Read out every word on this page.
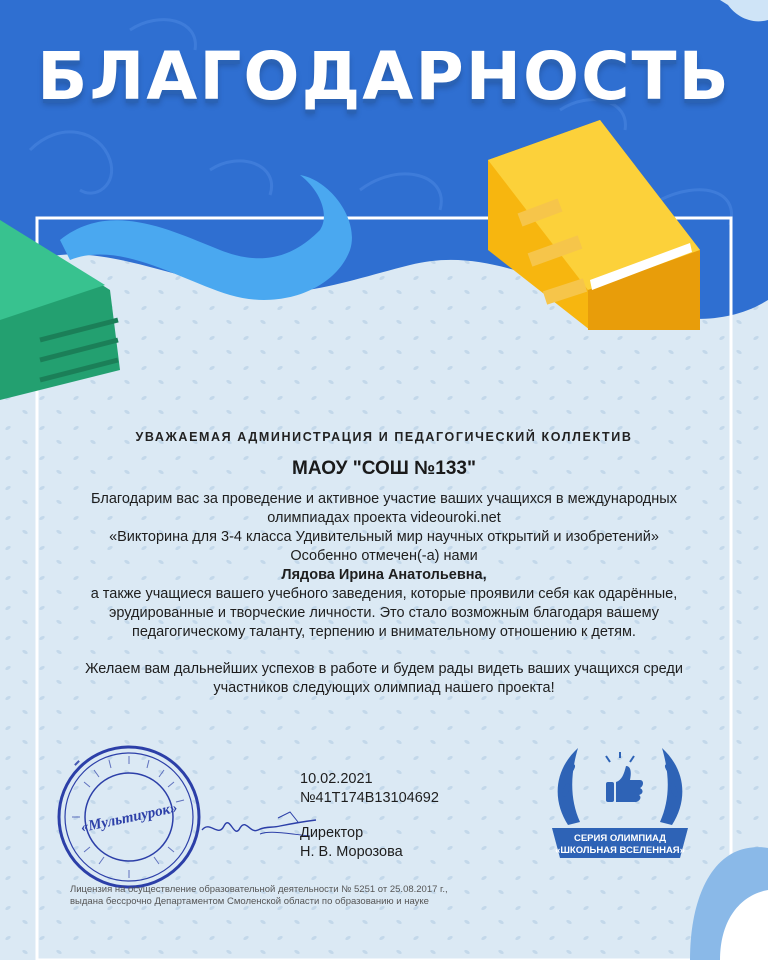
БЛАГОДАРНОСТЬ
УВАЖАЕМАЯ АДМИНИСТРАЦИЯ И ПЕДАГОГИЧЕСКИЙ КОЛЛЕКТИВ
МАОУ "СОШ №133"
Благодарим вас за проведение и активное участие ваших учащихся в международных
олимпиадах проекта videouroki.net
«Викторина для 3-4 класса Удивительный мир научных открытий и изобретений»
Особенно отмечен(-а) нами
Лядова Ирина Анатольевна,
а также учащиеся вашего учебного заведения, которые проявили себя как одарённые,
эрудированные и творческие личности. Это стало возможным благодаря вашему
педагогическому таланту, терпению и внимательному отношению к детям.
Желаем вам дальнейших успехов в работе и будем рады видеть ваших учащихся среди
участников следующих олимпиад нашего проекта!
«Мультиурок»
10.02.2021
№41Т174В13104692
Директор
Н. В. Морозова
СЕРИЯ ОЛИМПИАД
«ШКОЛЬНАЯ ВСЕЛЕННАЯ»
Лицензия на осуществление образовательной деятельности № 5251 от 25.08.2017 г.,
выдана бессрочно Департаментом Смоленской области по образованию и науке
